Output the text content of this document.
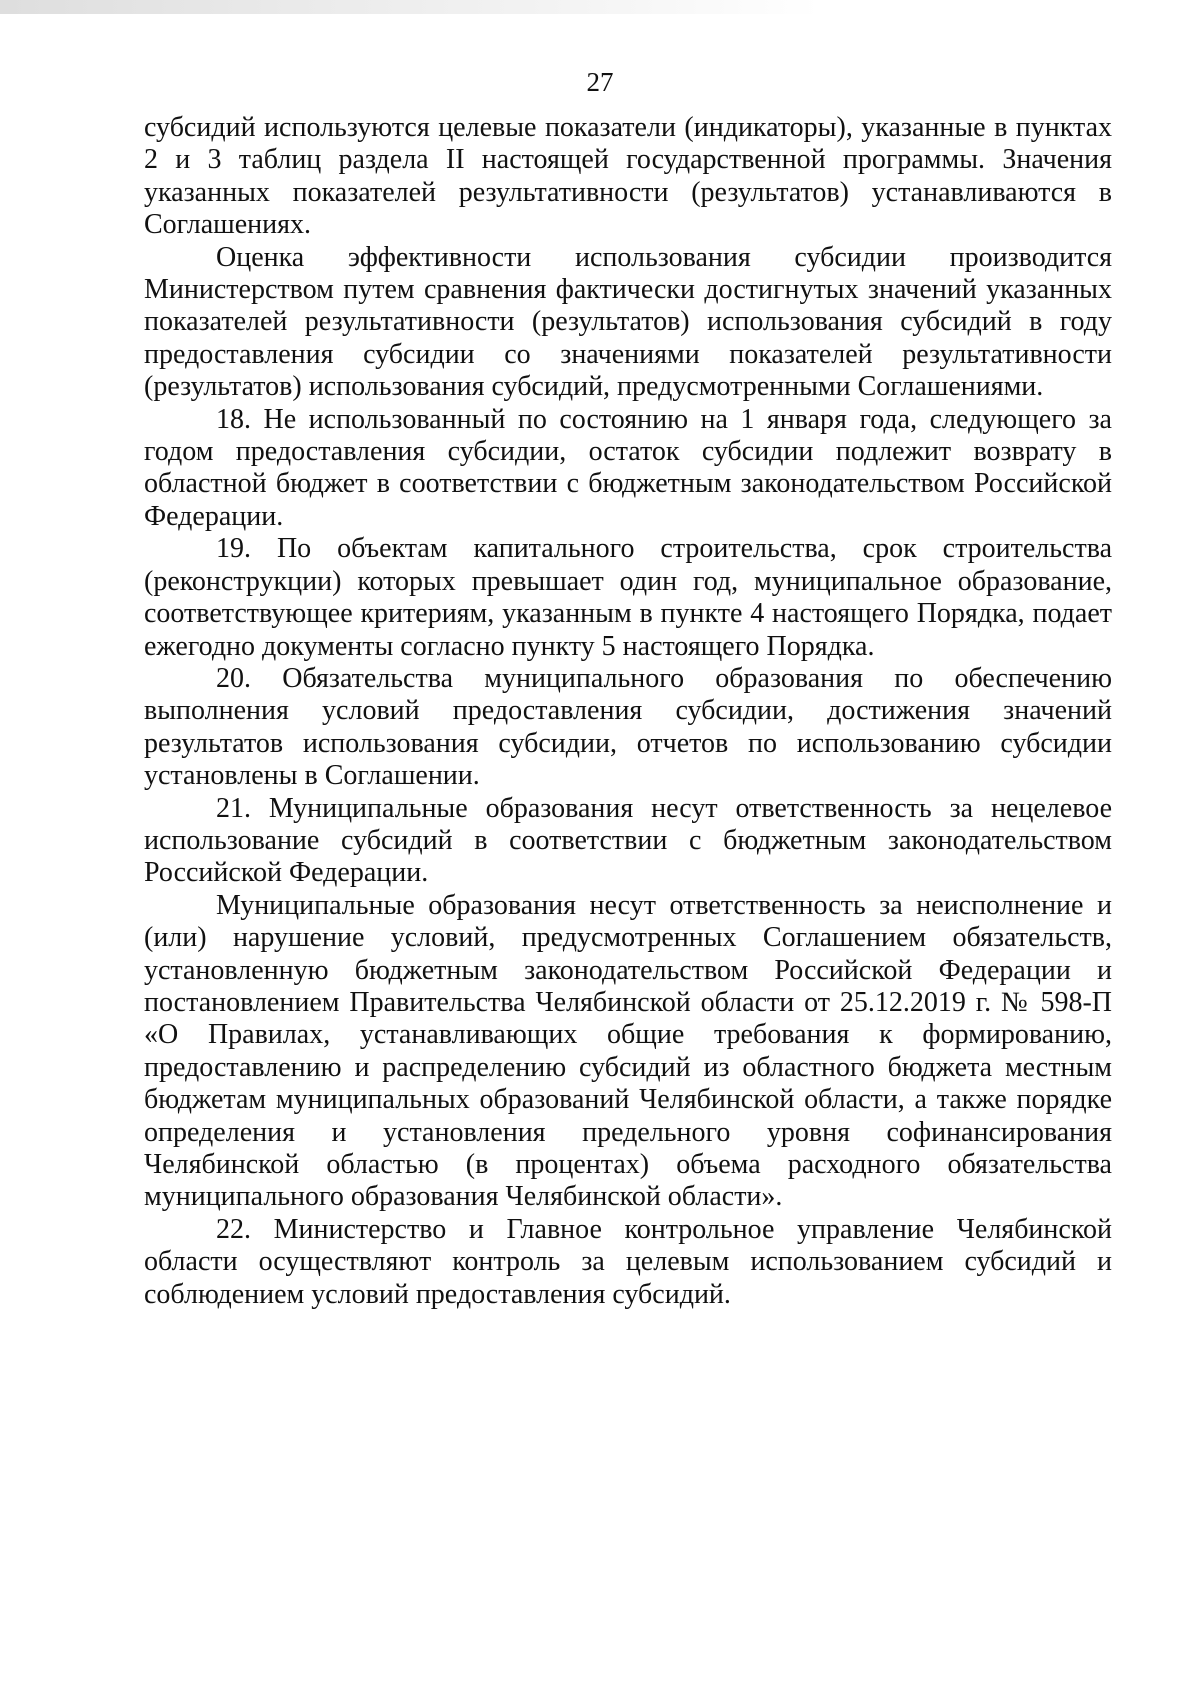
27

субсидий используются целевые показатели (индикаторы), указанные в пунктах 2 и 3 таблиц раздела II настоящей государственной программы. Значения указанных показателей результативности (результатов) устанавливаются в Соглашениях.

Оценка эффективности использования субсидии производится Министерством путем сравнения фактически достигнутых значений указанных показателей результативности (результатов) использования субсидий в году предоставления субсидии со значениями показателей результативности (результатов) использования субсидий, предусмотренными Соглашениями.

18. Не использованный по состоянию на 1 января года, следующего за годом предоставления субсидии, остаток субсидии подлежит возврату в областной бюджет в соответствии с бюджетным законодательством Российской Федерации.

19. По объектам капитального строительства, срок строительства (реконструкции) которых превышает один год, муниципальное образование, соответствующее критериям, указанным в пункте 4 настоящего Порядка, подает ежегодно документы согласно пункту 5 настоящего Порядка.

20. Обязательства муниципального образования по обеспечению выполнения условий предоставления субсидии, достижения значений результатов использования субсидии, отчетов по использованию субсидии установлены в Соглашении.

21. Муниципальные образования несут ответственность за нецелевое использование субсидий в соответствии с бюджетным законодательством Российской Федерации.

Муниципальные образования несут ответственность за неисполнение и (или) нарушение условий, предусмотренных Соглашением обязательств, установленную бюджетным законодательством Российской Федерации и постановлением Правительства Челябинской области от 25.12.2019 г. № 598-П «О Правилах, устанавливающих общие требования к формированию, предоставлению и распределению субсидий из областного бюджета местным бюджетам муниципальных образований Челябинской области, а также порядке определения и установления предельного уровня софинансирования Челябинской областью (в процентах) объема расходного обязательства муниципального образования Челябинской области».

22. Министерство и Главное контрольное управление Челябинской области осуществляют контроль за целевым использованием субсидий и соблюдением условий предоставления субсидий.
